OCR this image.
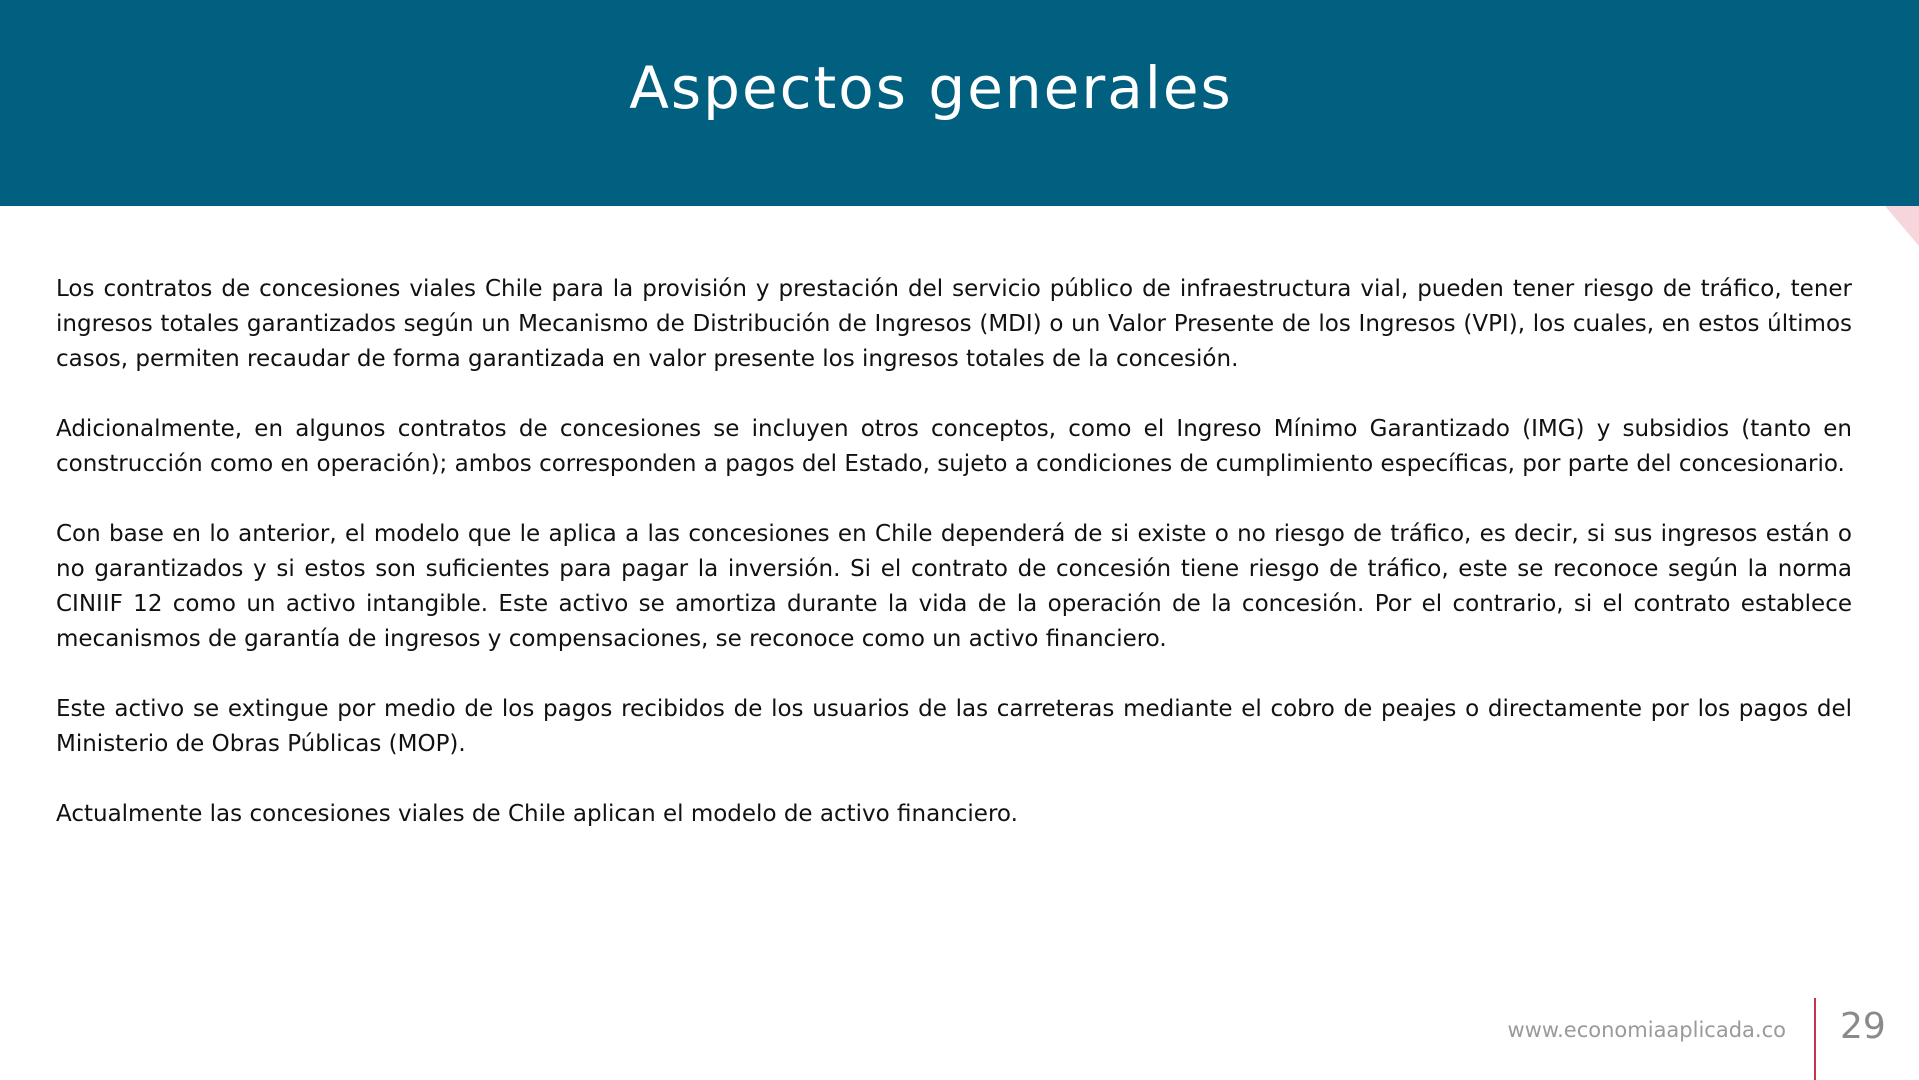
Aspectos generales

Los contratos de concesiones viales Chile para la provisión y prestación del servicio público de infraestructura vial, pueden tener riesgo de tráfico, tener ingresos totales garantizados según un Mecanismo de Distribución de Ingresos (MDI) o un Valor Presente de los Ingresos (VPI), los cuales, en estos últimos casos, permiten recaudar de forma garantizada en valor presente los ingresos totales de la concesión.

Adicionalmente, en algunos contratos de concesiones se incluyen otros conceptos, como el Ingreso Mínimo Garantizado (IMG) y subsidios (tanto en construcción como en operación); ambos corresponden a pagos del Estado, sujeto a condiciones de cumplimiento específicas, por parte del concesionario.

Con base en lo anterior, el modelo que le aplica a las concesiones en Chile dependerá de si existe o no riesgo de tráfico, es decir, si sus ingresos están o no garantizados y si estos son suficientes para pagar la inversión. Si el contrato de concesión tiene riesgo de tráfico, este se reconoce según la norma CINIIF 12 como un activo intangible. Este activo se amortiza durante la vida de la operación de la concesión. Por el contrario, si el contrato establece mecanismos de garantía de ingresos y compensaciones, se reconoce como un activo financiero.

Este activo se extingue por medio de los pagos recibidos de los usuarios de las carreteras mediante el cobro de peajes o directamente por los pagos del Ministerio de Obras Públicas (MOP).

Actualmente las concesiones viales de Chile aplican el modelo de activo financiero.

www.economiaaplicada.co 29
